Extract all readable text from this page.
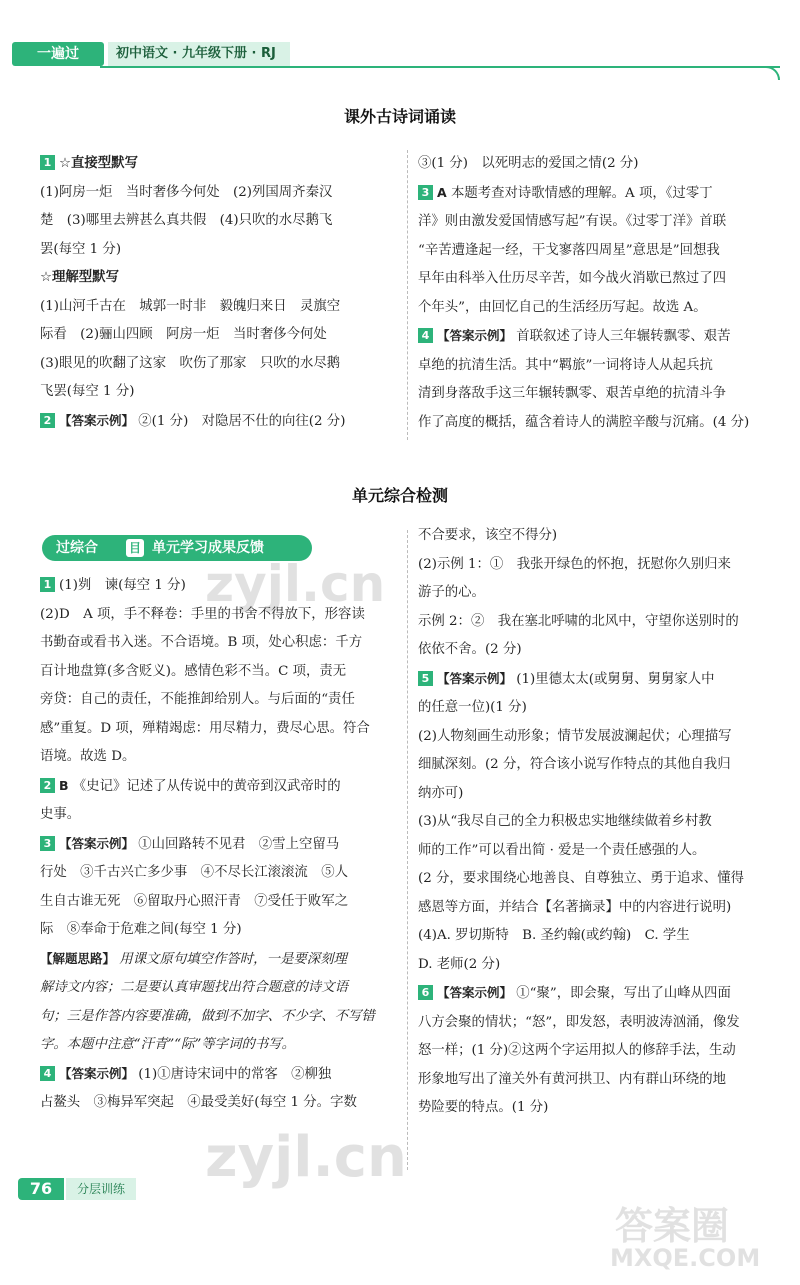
一遍过	初中语文 · 九年级下册 · RJ
课外古诗词诵读

1 ☆直接型默写

(1)阿房一炬　当时奢侈今何处　(2)列国周齐秦汉

楚　(3)哪里去辨甚么真共假　(4)只吹的水尽鹅飞

罢(每空 1 分)

☆理解型默写

(1)山河千古在　城郭一时非　毅魄归来日　灵旗空

际看　(2)骊山四顾　阿房一炬　当时奢侈今何处

(3)眼见的吹翻了这家　吹伤了那家　只吹的水尽鹅

飞罢(每空 1 分)

2 【答案示例】 ②(1 分)　对隐居不仕的向往(2 分)

③(1 分)　以死明志的爱国之情(2 分)

3 A 本题考查对诗歌情感的理解。A 项，《过零丁

洋》则由激发爱国情感写起”有误。《过零丁洋》首联

“辛苦遭逢起一经，干戈寥落四周星”意思是”回想我

早年由科举入仕历尽辛苦，如今战火消歇已熬过了四

个年头”，由回忆自己的生活经历写起。故选 A。

4 【答案示例】 首联叙述了诗人三年辗转飘零、艰苦

卓绝的抗清生活。其中“羁旅”一词将诗人从起兵抗

清到身落敌手这三年辗转飘零、艰苦卓绝的抗清斗争

作了高度的概括，蕴含着诗人的满腔辛酸与沉痛。(4 分)

单元综合检测
过综合	目 单元学习成果反馈

1 (1)刿　谏(每空 1 分)

(2)D　A 项，手不释卷：手里的书舍不得放下，形容读

书勤奋或看书入迷。不合语境。B 项，处心积虑：千方

百计地盘算(多含贬义)。感情色彩不当。C 项，责无

旁贷：自己的责任，不能推卸给别人。与后面的“责任

感”重复。D 项，殚精竭虑：用尽精力，费尽心思。符合

语境。故选 D。

2 B 《史记》记述了从传说中的黄帝到汉武帝时的

史事。

3 【答案示例】 ①山回路转不见君　②雪上空留马

行处　③千古兴亡多少事　④不尽长江滚滚流　⑤人

生自古谁无死　⑥留取丹心照汗青　⑦受任于败军之

际　⑧奉命于危难之间(每空 1 分)

【解题思路】 用课文原句填空作答时，一是要深刻理

解诗文内容；二是要认真审题找出符合题意的诗文语

句；三是作答内容要准确，做到不加字、不少字、不写错

字。本题中注意“汗青”“际”等字词的书写。

4 【答案示例】 (1)①唐诗宋词中的常客　②柳独

占鳌头　③梅异军突起　④最受美好(每空 1 分。字数

不合要求，该空不得分)

(2)示例 1：①　我张开绿色的怀抱，抚慰你久别归来

游子的心。

示例 2：②　我在塞北呼啸的北风中，守望你送别时的

依依不舍。(2 分)

5 【答案示例】 (1)里德太太(或舅舅、舅舅家人中

的任意一位)(1 分)

(2)人物刻画生动形象；情节发展波澜起伏；心理描写

细腻深刻。(2 分，符合该小说写作特点的其他自我归

纳亦可)

(3)从“我尽自己的全力积极忠实地继续做着乡村教

师的工作”可以看出简 · 爱是一个责任感强的人。

(2 分，要求围绕心地善良、自尊独立、勇于追求、懂得

感恩等方面，并结合【名著摘录】中的内容进行说明)

(4)A. 罗切斯特　B. 圣约翰(或约翰)　C. 学生

D. 老师(2 分)

6 【答案示例】 ①“聚”，即会聚，写出了山峰从四面

八方会聚的情状；“怒”，即发怒，表明波涛汹涌，像发

怒一样；(1 分)②这两个字运用拟人的修辞手法，生动

形象地写出了潼关外有黄河拱卫、内有群山环绕的地

势险要的特点。(1 分)

76	分层训练
zyjl.cn
zyjl.cn
答案圈
MXQE.COM
